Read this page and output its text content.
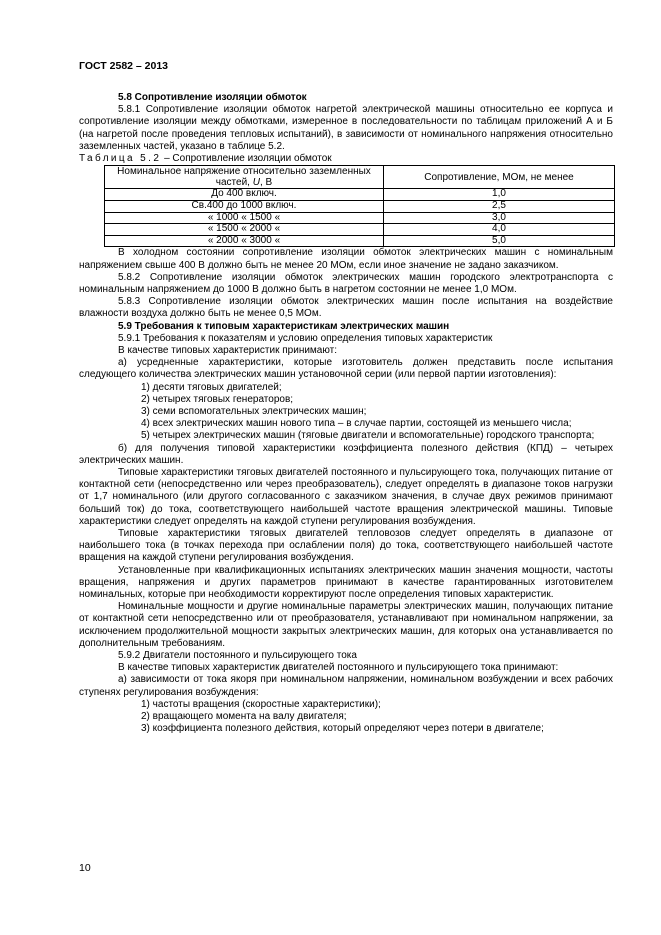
ГОСТ 2582 – 2013

5.8 Сопротивление изоляции обмоток

5.8.1 Сопротивление изоляции обмоток нагретой электрической машины относительно ее корпуса и сопротивление изоляции между обмотками, измеренное в последовательности по таблицам приложений А и Б (на нагретой после проведения тепловых испытаний), в зависимости от номинального напряжения относительно заземленных частей, указано в таблице 5.2.

Таблица 5.2 – Сопротивление изоляции обмоток

Номинальное напряжение относительно заземленных частей, U, В	Сопротивление, МОм, не менее
До 400 включ.	1,0
Св.400 до 1000 включ.	2,5
« 1000 « 1500 «	3,0
« 1500 « 2000 «	4,0
« 2000 « 3000 «	5,0

В холодном состоянии сопротивление изоляции обмоток электрических машин с номинальным напряжением свыше 400 В должно быть не менее 20 МОм, если иное значение не задано заказчиком.

5.8.2 Сопротивление изоляции обмоток электрических машин городского электротранспорта с номинальным напряжением до 1000 В должно быть в нагретом состоянии не менее 1,0 МОм.

5.8.3 Сопротивление изоляции обмоток электрических машин после испытания на воздействие влажности воздуха должно быть не менее 0,5 МОм.

5.9 Требования к типовым характеристикам электрических машин

5.9.1 Требования к показателям и условию определения типовых характеристик

В качестве типовых характеристик принимают:

а) усредненные характеристики, которые изготовитель должен представить после испытания следующего количества электрических машин установочной серии (или первой партии изготовления):

1) десяти тяговых двигателей;

2) четырех тяговых генераторов;

3) семи вспомогательных электрических машин;

4) всех электрических машин нового типа – в случае партии, состоящей из меньшего числа;

5) четырех электрических машин (тяговые двигатели и вспомогательные) городского транспорта;

б) для получения типовой характеристики коэффициента полезного действия (КПД) – четырех электрических машин.

Типовые характеристики тяговых двигателей постоянного и пульсирующего тока, получающих питание от контактной сети (непосредственно или через преобразователь), следует определять в диапазоне токов нагрузки от 1,7 номинального (или другого согласованного с заказчиком значения, в случае двух режимов принимают больший ток) до тока, соответствующего наибольшей частоте вращения электрической машины. Типовые характеристики следует определять на каждой ступени регулирования возбуждения.

Типовые характеристики тяговых двигателей тепловозов следует определять в диапазоне от наибольшего тока (в точках перехода при ослаблении поля) до тока, соответствующего наибольшей частоте вращения на каждой ступени регулирования возбуждения.

Установленные при квалификационных испытаниях электрических машин значения мощности, частоты вращения, напряжения и других параметров принимают в качестве гарантированных изготовителем номинальных, которые при необходимости корректируют после определения типовых характеристик.

Номинальные мощности и другие номинальные параметры электрических машин, получающих питание от контактной сети непосредственно или от преобразователя, устанавливают при номинальном напряжении, за исключением продолжительной мощности закрытых электрических машин, для которых она устанавливается по дополнительным требованиям.

5.9.2 Двигатели постоянного и пульсирующего тока

В качестве типовых характеристик двигателей постоянного и пульсирующего тока принимают:

а) зависимости от тока якоря при номинальном напряжении, номинальном возбуждении и всех рабочих ступенях регулирования возбуждения:

1) частоты вращения (скоростные характеристики);

2) вращающего момента на валу двигателя;

3) коэффициента полезного действия, который определяют через потери в двигателе;

10
